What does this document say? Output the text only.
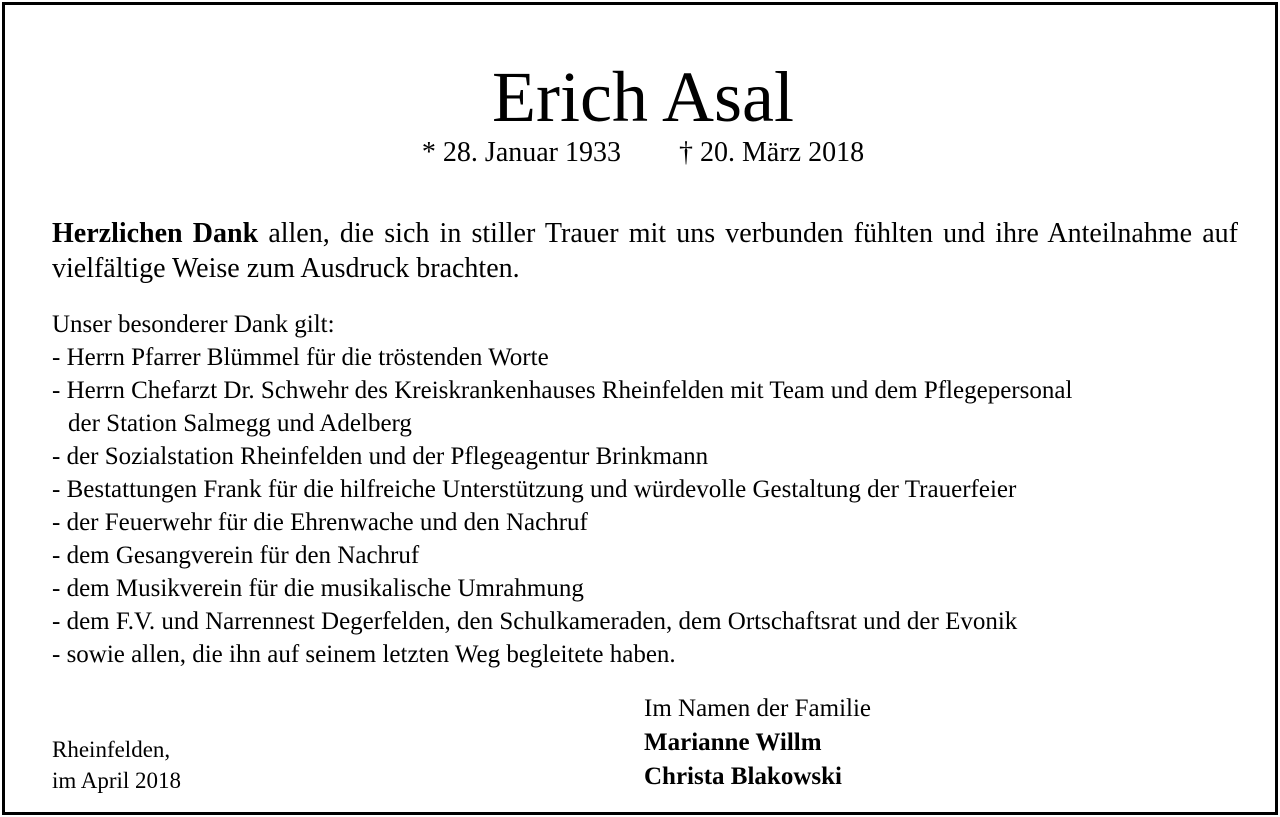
Erich Asal
* 28. Januar 1933 † 20. März 2018
Herzlichen Dank allen, die sich in stiller Trauer mit uns verbunden fühlten und ihre Anteilnahme auf vielfältige Weise zum Ausdruck brachten.
Unser besonderer Dank gilt:
- Herrn Pfarrer Blümmel für die tröstenden Worte
- Herrn Chefarzt Dr. Schwehr des Kreiskrankenhauses Rheinfelden mit Team und dem Pflegepersonal
der Station Salmegg und Adelberg
- der Sozialstation Rheinfelden und der Pflegeagentur Brinkmann
- Bestattungen Frank für die hilfreiche Unterstützung und würdevolle Gestaltung der Trauerfeier
- der Feuerwehr für die Ehrenwache und den Nachruf
- dem Gesangverein für den Nachruf
- dem Musikverein für die musikalische Umrahmung
- dem F.V. und Narrennest Degerfelden, den Schulkameraden, dem Ortschaftsrat und der Evonik
- sowie allen, die ihn auf seinem letzten Weg begleitete haben.
Rheinfelden,
im April 2018
Im Namen der Familie
Marianne Willm
Christa Blakowski
